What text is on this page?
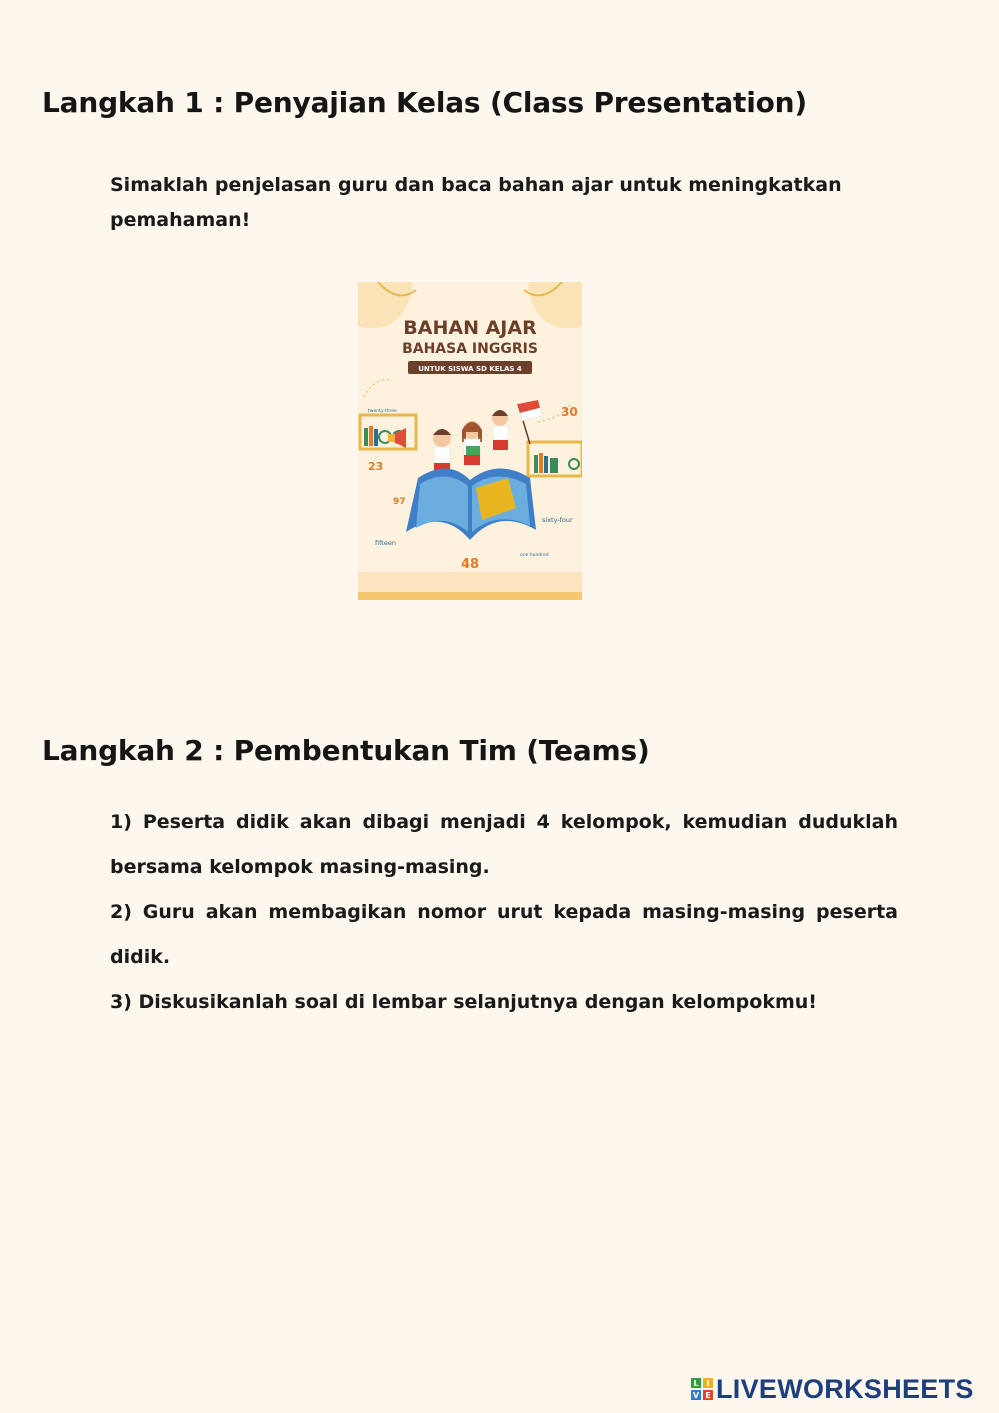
Langkah 1 : Penyajian Kelas (Class Presentation)
Simaklah penjelasan guru dan baca bahan ajar untuk meningkatkan pemahaman!
BAHAN AJAR
BAHASA INGGRIS
UNTUK SISWA SD KELAS 4
twenty-three
23
30
97
sixty-four
fifteen
48
one hundred
Langkah 2 : Pembentukan Tim (Teams)
1) Peserta didik akan dibagi menjadi 4 kelompok, kemudian duduklah bersama kelompok masing-masing.
2) Guru akan membagikan nomor urut kepada masing-masing peserta didik.
3) Diskusikanlah soal di lembar selanjutnya dengan kelompokmu!
L I
V E LIVEWORKSHEETS
